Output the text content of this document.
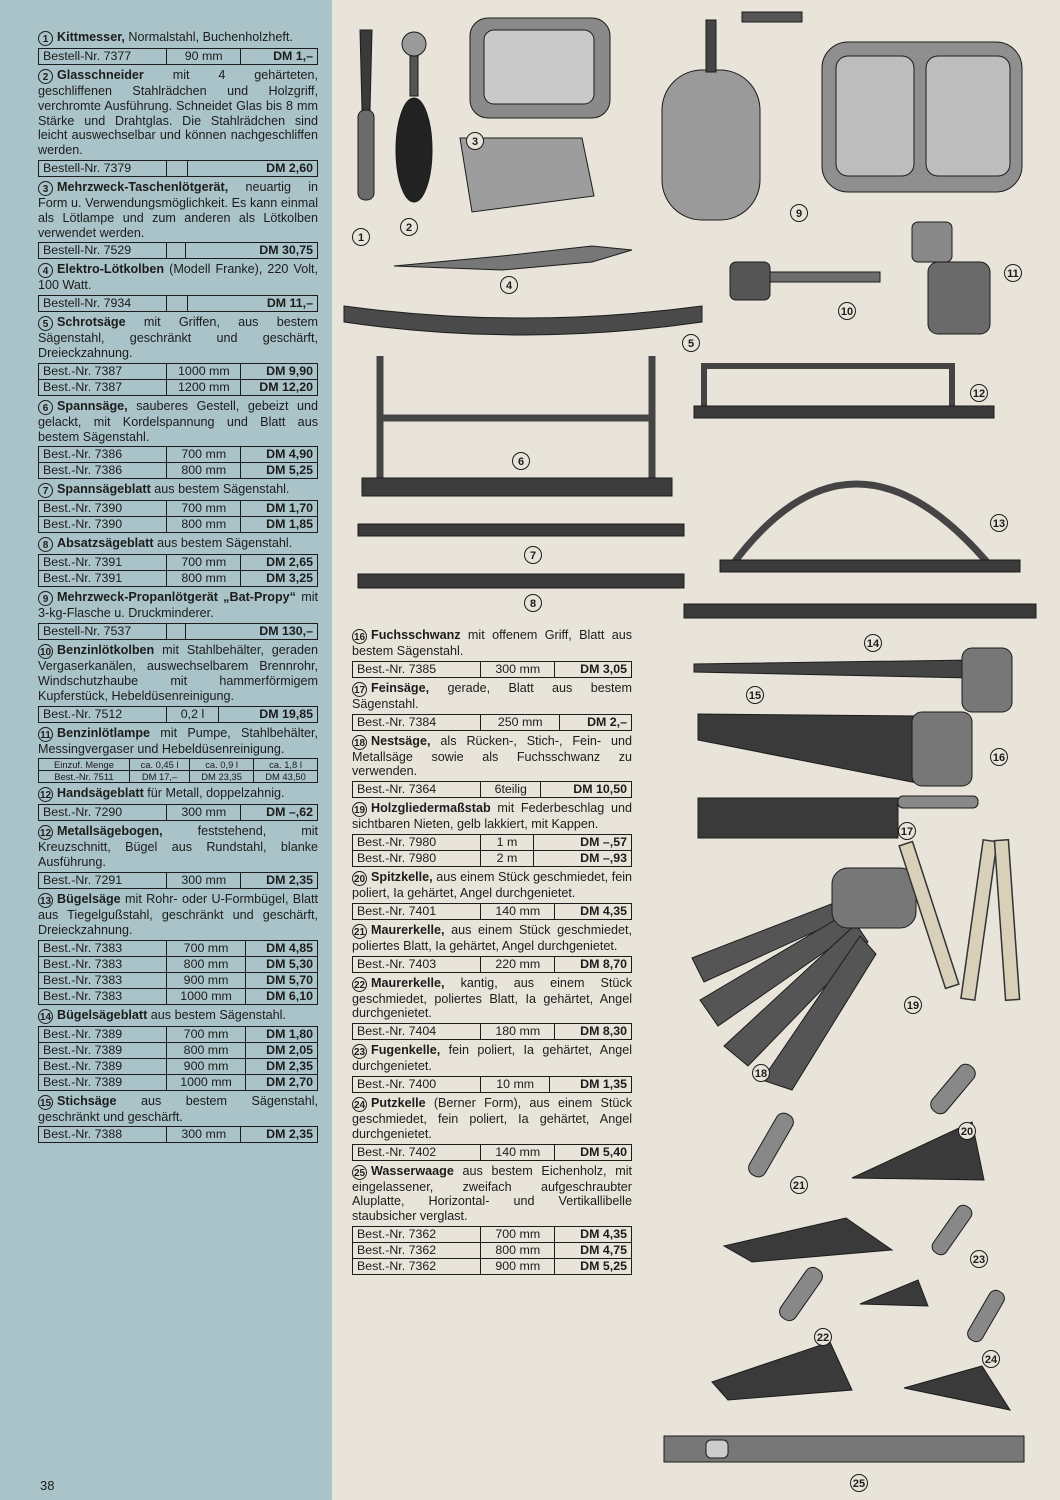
1
2
3
4
5
6
7
8
9
10
11
12
13
14
15
16
17
18
19
20
21
22
23
24
25
1 Kittmesser, Normalstahl, Buchenholzheft.
Bestell-Nr. 7377	90 mm	DM 1,–
2 Glasschneider mit 4 gehärteten, geschliffenen Stahlrädchen und Holzgriff, verchromte Ausführung. Schneidet Glas bis 8 mm Stärke und Drahtglas. Die Stahlrädchen sind leicht auswechselbar und können nachgeschliffen werden.
Bestell-Nr. 7379		DM 2,60
3 Mehrzweck-Taschenlötgerät, neuartig in Form u. Verwendungsmöglichkeit. Es kann einmal als Lötlampe und zum anderen als Lötkolben verwendet werden.
Bestell-Nr. 7529		DM 30,75
4 Elektro-Lötkolben (Modell Franke), 220 Volt, 100 Watt.
Bestell-Nr. 7934		DM 11,–
5 Schrotsäge mit Griffen, aus bestem Sägenstahl, geschränkt und geschärft, Dreieckzahnung.
Best.-Nr. 7387	1000 mm	DM 9,90
Best.-Nr. 7387	1200 mm	DM 12,20
6 Spannsäge, sauberes Gestell, gebeizt und gelackt, mit Kordelspannung und Blatt aus bestem Sägenstahl.
Best.-Nr. 7386	700 mm	DM 4,90
Best.-Nr. 7386	800 mm	DM 5,25
7 Spannsägeblatt aus bestem Sägenstahl.
Best.-Nr. 7390	700 mm	DM 1,70
Best.-Nr. 7390	800 mm	DM 1,85
8 Absatzsägeblatt aus bestem Sägenstahl.
Best.-Nr. 7391	700 mm	DM 2,65
Best.-Nr. 7391	800 mm	DM 3,25
9 Mehrzweck-Propanlötgerät „Bat-Propy“ mit 3-kg-Flasche u. Druckminderer.
Bestell-Nr. 7537		DM 130,–
10 Benzinlötkolben mit Stahlbehälter, geraden Vergaserkanälen, auswechselbarem Brennrohr, Windschutzhaube mit hammerförmigem Kupferstück, Hebeldüsenreinigung.
Best.-Nr. 7512	0,2 l	DM 19,85
11 Benzinlötlampe mit Pumpe, Stahlbehälter, Messingvergaser und Hebeldüsenreinigung.
Einzuf. Menge	ca. 0,45 l	ca. 0,9 l	ca. 1,8 l
Best.-Nr. 7511	DM 17,–	DM 23,35	DM 43,50
12 Handsägeblatt für Metall, doppelzahnig.
Best.-Nr. 7290	300 mm	DM –,62
12 Metallsägebogen, feststehend, mit Kreuzschnitt, Bügel aus Rundstahl, blanke Ausführung.
Best.-Nr. 7291	300 mm	DM 2,35
13 Bügelsäge mit Rohr- oder U-Formbügel, Blatt aus Tiegelgußstahl, geschränkt und geschärft, Dreieckzahnung.
Best.-Nr. 7383	700 mm	DM 4,85
Best.-Nr. 7383	800 mm	DM 5,30
Best.-Nr. 7383	900 mm	DM 5,70
Best.-Nr. 7383	1000 mm	DM 6,10
14 Bügelsägeblatt aus bestem Sägenstahl.
Best.-Nr. 7389	700 mm	DM 1,80
Best.-Nr. 7389	800 mm	DM 2,05
Best.-Nr. 7389	900 mm	DM 2,35
Best.-Nr. 7389	1000 mm	DM 2,70
15 Stichsäge aus bestem Sägenstahl, geschränkt und geschärft.
Best.-Nr. 7388	300 mm	DM 2,35
16 Fuchsschwanz mit offenem Griff, Blatt aus bestem Sägenstahl.
Best.-Nr. 7385	300 mm	DM 3,05
17 Feinsäge, gerade, Blatt aus bestem Sägenstahl.
Best.-Nr. 7384	250 mm	DM 2,–
18 Nestsäge, als Rücken-, Stich-, Fein- und Metallsäge sowie als Fuchsschwanz zu verwenden.
Best.-Nr. 7364	6teilig	DM 10,50
19 Holzgliedermaßstab mit Federbeschlag und sichtbaren Nieten, gelb lakkiert, mit Kappen.
Best.-Nr. 7980	1 m	DM –,57
Best.-Nr. 7980	2 m	DM –,93
20 Spitzkelle, aus einem Stück geschmiedet, fein poliert, Ia gehärtet, Angel durchgenietet.
Best.-Nr. 7401	140 mm	DM 4,35
21 Maurerkelle, aus einem Stück geschmiedet, poliertes Blatt, Ia gehärtet, Angel durchgenietet.
Best.-Nr. 7403	220 mm	DM 8,70
22 Maurerkelle, kantig, aus einem Stück geschmiedet, poliertes Blatt, Ia gehärtet, Angel durchgenietet.
Best.-Nr. 7404	180 mm	DM 8,30
23 Fugenkelle, fein poliert, Ia gehärtet, Angel durchgenietet.
Best.-Nr. 7400	10 mm	DM 1,35
24 Putzkelle (Berner Form), aus einem Stück geschmiedet, fein poliert, Ia gehärtet, Angel durchgenietet.
Best.-Nr. 7402	140 mm	DM 5,40
25 Wasserwaage aus bestem Eichenholz, mit eingelassener, zweifach aufgeschraubter Aluplatte, Horizontal- und Vertikallibelle staubsicher verglast.
Best.-Nr. 7362	700 mm	DM 4,35
Best.-Nr. 7362	800 mm	DM 4,75
Best.-Nr. 7362	900 mm	DM 5,25
38
